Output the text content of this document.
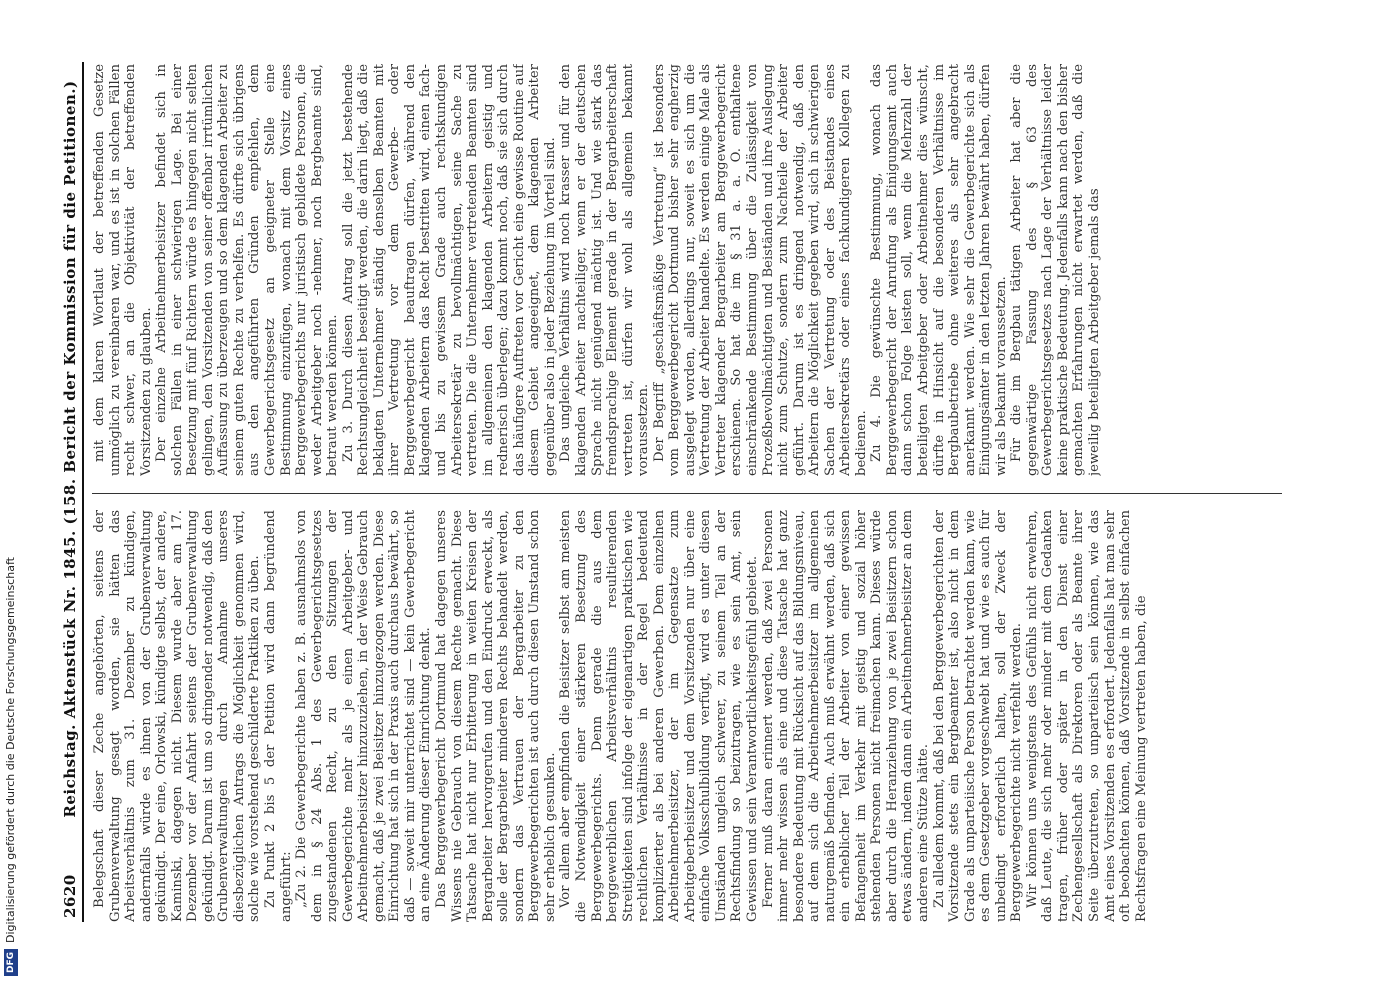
DFGDigitalisierung gefördert durch die Deutsche Forschungsgemeinschaft	2620
Reichstag. Aktenstück Nr. 1845. (158. Bericht der Kommission für die Petitionen.) Belegschaft dieser Zeche angehörten, seitens der Grubenverwaltung gesagt worden, sie hätten das Arbeitsverhältnis zum 31. Dezember zu kündigen, andernfalls würde es ihnen von der Grubenverwaltung gekündigt. Der eine, Orlowski, kündigte selbst, der andere, Kaminski, dagegen nicht. Diesem wurde aber am 17. Dezember vor der Anfahrt seitens der Grubenverwaltung gekündigt. Darum ist um so dringender notwendig, daß den Grubenverwaltungen durch Annahme unseres diesbezüglichen Antrags die Möglichkeit genommen wird, solche wie vorstehend geschilderte Praktiken zu üben. Zu Punkt 2 bis 5 der Petition wird dann begründend angeführt: „Zu 2. Die Gewerbegerichte haben z. B. ausnahmslos von dem in § 24 Abs. 1 des Gewerbegerichtsgesetzes zugestandenen Recht, zu den Sitzungen der Gewerbegerichte mehr als je einen Arbeitgeber- und Arbeitnehmerbeisitzer hinzuzuziehen, in der Weise Gebrauch gemacht, daß je zwei Beisitzer hinzugezogen werden. Diese Einrichtung hat sich in der Praxis auch durchaus bewährt, so daß — soweit mir unterrichtet sind — kein Gewerbegericht an eine Änderung dieser Einrichtung denkt. Das Berggewerbegericht Dortmund hat dagegen unseres Wissens nie Gebrauch von diesem Rechte gemacht. Diese Tatsache hat nicht nur Erbitterung in weiten Kreisen der Bergarbeiter hervorgerufen und den Eindruck erweckt, als solle der Bergarbeiter minderen Rechts behandelt werden, sondern das Vertrauen der Bergarbeiter zu den Berggewerbegerichten ist auch durch diesen Umstand schon sehr erheblich gesunken. Vor allem aber empfinden die Beisitzer selbst am meisten die Notwendigkeit einer stärkeren Besetzung des Berggewerbegerichts. Denn gerade die aus dem berggewerblichen Arbeitsverhältnis resultierenden Streitigkeiten sind infolge der eigenartigen praktischen wie rechtlichen Verhältnisse in der Regel bedeutend komplizierter als bei anderen Gewerben. Dem einzelnen Arbeitnehmerbeisitzer, der im Gegensatze zum Arbeitgeberbeisitzer und dem Vorsitzenden nur über eine einfache Volksschulbildung verfügt, wird es unter diesen Umständen ungleich schwerer, zu seinem Teil an der Rechtsfindung so beizutragen, wie es sein Amt, sein Gewissen und sein Verantwortlichkeitsgefühl gebietet. Ferner muß daran erinnert werden, daß zwei Personen immer mehr wissen als eine und diese Tatsache hat ganz besondere Bedeutung mit Rücksicht auf das Bildungsniveau, auf dem sich die Arbeitnehmerbeisitzer im allgemeinen naturgemäß befinden. Auch muß erwähnt werden, daß sich ein erheblicher Teil der Arbeiter von einer gewissen Befangenheit im Verkehr mit geistig und sozial höher stehenden Personen nicht freimachen kann. Dieses würde aber durch die Heranziehung von je zwei Beisitzern schon etwas ändern, indem dann ein Arbeitnehmerbeisitzer an dem anderen eine Stütze hätte. Zu alledem kommt, daß bei den Berggewerbegerichten der Vorsitzende stets ein Bergbeamter ist, also nicht in dem Grade als unparteiische Person betrachtet werden kann, wie es dem Gesetzgeber vorgeschwebt hat und wie es auch für unbedingt erforderlich halten, soll der Zweck der Berggewerbegerichte nicht verfehlt werden. Wir können uns wenigstens des Gefühls nicht erwehren, daß Leute, die sich mehr oder minder mit dem Gedanken tragen, früher oder später in den Dienst einer Zechengesellschaft als Direktoren oder als Beamte ihrer Seite überzutreten, so unparteiisch sein können, wie das Amt eines Vorsitzenden es erfordert. Jedenfalls hat man sehr oft beobachten können, daß Vorsitzende in selbst einfachen Rechtsfragen eine Meinung vertreten haben, die

mit dem klaren Wortlaut der betreffenden Gesetze unmöglich zu vereinbaren war, und es ist in solchen Fällen recht schwer, an die Objektivität der betreffenden Vorsitzenden zu glauben. Der einzelne Arbeitnehmerbeisitzer befindet sich in solchen Fällen in einer schwierigen Lage. Bei einer Besetzung mit fünf Richtern würde es hingegen nicht selten gelingen, den Vorsitzenden von seiner offenbar irrtümlichen Auffassung zu überzeugen und so dem klagenden Arbeiter zu seinem guten Rechte zu verhelfen. Es dürfte sich übrigens aus den angeführten Gründen empfehlen, dem Gewerbegerichtsgesetz an geeigneter Stelle eine Bestimmung einzufügen, wonach mit dem Vorsitz eines Berggewerbegerichts nur juristisch gebildete Personen, die weder Arbeitgeber noch -nehmer, noch Bergbeamte sind, betraut werden können. Zu 3. Durch diesen Antrag soll die jetzt bestehende Rechtsungleichheit beseitigt werden, die darin liegt, daß die beklagten Unternehmer ständig denselben Beamten mit ihrer Vertretung vor dem Gewerbe- oder Berggewerbegericht beauftragen dürfen, während den klagenden Arbeitern das Recht bestritten wird, einen fach- und bis zu gewissem Grade auch rechtskundigen Arbeitersekretär zu bevollmächtigen, seine Sache zu vertreten. Die die Unternehmer vertretenden Beamten sind im allgemeinen den klagenden Arbeitern geistig und rednerisch überlegen; dazu kommt noch, daß sie sich durch das häufigere Auftreten vor Gericht eine gewisse Routine auf diesem Gebiet angeeignet, dem klagenden Arbeiter gegenüber also in jeder Beziehung im Vorteil sind. Das ungleiche Verhältnis wird noch krasser und für den klagenden Arbeiter nachteiliger, wenn er der deutschen Sprache nicht genügend mächtig ist. Und wie stark das fremdsprachige Element gerade in der Bergarbeiterschaft vertreten ist, dürfen wir wohl als allgemein bekannt voraussetzen. Der Begriff „geschäftsmäßige Vertretung“ ist besonders vom Berggewerbegericht Dortmund bisher sehr engherzig ausgelegt worden, allerdings nur, soweit es sich um die Vertretung der Arbeiter handelte. Es werden einige Male als Vertreter klagender Bergarbeiter am Berggewerbegericht erschienen. So hat die im § 31 a. a. O. enthaltene einschränkende Bestimmung über die Zulässigkeit von Prozeßbevollmächtigten und Beiständen und ihre Auslegung nicht zum Schutze, sondern zum Nachteile der Arbeiter geführt. Darum ist es dringend notwendig, daß den Arbeitern die Möglichkeit gegeben wird, sich in schwierigen Sachen der Vertretung oder des Beistandes eines Arbeitersekretärs oder eines fachkundigeren Kollegen zu bedienen. Zu 4. Die gewünschte Bestimmung, wonach das Berggewerbegericht der Anrufung als Einigungsamt auch dann schon Folge leisten soll, wenn die Mehrzahl der beteiligten Arbeitgeber oder Arbeitnehmer dies wünscht, dürfte in Hinsicht auf die besonderen Verhältnisse im Bergbaubetriebe ohne weiteres als sehr angebracht anerkannt werden. Wie sehr die Gewerbegerichte sich als Einigungsämter in den letzten Jahren bewährt haben, dürfen wir als bekannt voraussetzen. Für die im Bergbau tätigen Arbeiter hat aber die gegenwärtige Fassung des § 63 des Gewerbegerichtsgesetzes nach Lage der Verhältnisse leider keine praktische Bedeutung. Jedenfalls kann nach den bisher gemachten Erfahrungen nicht erwartet werden, daß die jeweilig beteiligten Arbeitgeber jemals das
